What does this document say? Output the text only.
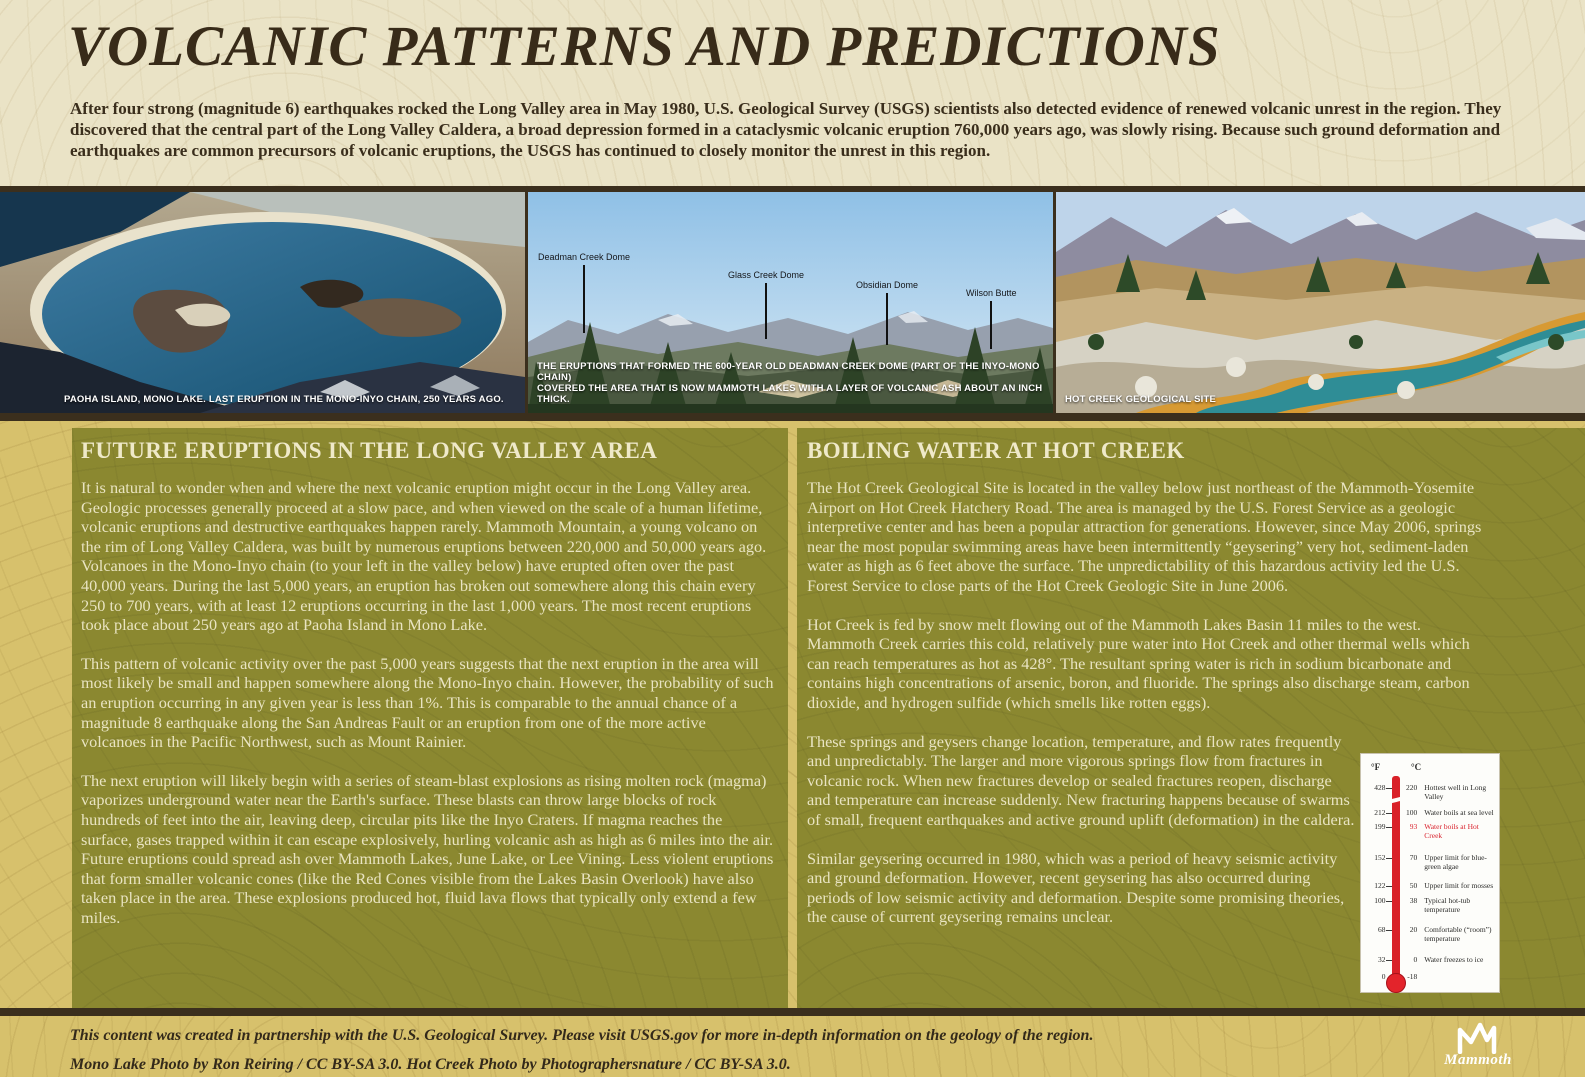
VOLCANIC PATTERNS AND PREDICTIONS

After four strong (magnitude 6) earthquakes rocked the Long Valley area in May 1980, U.S. Geological Survey (USGS) scientists also detected evidence of renewed volcanic unrest in the region. They discovered that the central part of the Long Valley Caldera, a broad depression formed in a cataclysmic volcanic eruption 760,000 years ago, was slowly rising. Because such ground deformation and earthquakes are common precursors of volcanic eruptions, the USGS has continued to closely monitor the unrest in this region.

PAOHA ISLAND, MONO LAKE. LAST ERUPTION IN THE MONO-INYO CHAIN, 250 YEARS AGO.
Deadman Creek Dome
Glass Creek Dome
Obsidian Dome
Wilson Butte
THE ERUPTIONS THAT FORMED THE 600-YEAR OLD DEADMAN CREEK DOME (PART OF THE INYO-MONO CHAIN)
COVERED THE AREA THAT IS NOW MAMMOTH LAKES WITH A LAYER OF VOLCANIC ASH ABOUT AN INCH THICK.	HOT CREEK GEOLOGICAL SITE
FUTURE ERUPTIONS IN THE LONG VALLEY AREA

It is natural to wonder when and where the next volcanic eruption might occur in the Long Valley area. Geologic processes generally proceed at a slow pace, and when viewed on the scale of a human lifetime, volcanic eruptions and destructive earthquakes happen rarely. Mammoth Mountain, a young volcano on the rim of Long Valley Caldera, was built by numerous eruptions between 220,000 and 50,000 years ago. Volcanoes in the Mono-Inyo chain (to your left in the valley below) have erupted often over the past 40,000 years. During the last 5,000 years, an eruption has broken out somewhere along this chain every 250 to 700 years, with at least 12 eruptions occurring in the last 1,000 years. The most recent eruptions took place about 250 years ago at Paoha Island in Mono Lake.

This pattern of volcanic activity over the past 5,000 years suggests that the next eruption in the area will most likely be small and happen somewhere along the Mono-Inyo chain. However, the probability of such an eruption occurring in any given year is less than 1%. This is comparable to the annual chance of a magnitude 8 earthquake along the San Andreas Fault or an eruption from one of the more active volcanoes in the Pacific Northwest, such as Mount Rainier.

The next eruption will likely begin with a series of steam-blast explosions as rising molten rock (magma) vaporizes underground water near the Earth's surface. These blasts can throw large blocks of rock hundreds of feet into the air, leaving deep, circular pits like the Inyo Craters. If magma reaches the surface, gases trapped within it can escape explosively, hurling volcanic ash as high as 6 miles into the air. Future eruptions could spread ash over Mammoth Lakes, June Lake, or Lee Vining. Less violent eruptions that form smaller volcanic cones (like the Red Cones visible from the Lakes Basin Overlook) have also taken place in the area. These explosions produced hot, fluid lava flows that typically only extend a few miles.

BOILING WATER AT HOT CREEK

The Hot Creek Geological Site is located in the valley below just northeast of the Mammoth-Yosemite Airport on Hot Creek Hatchery Road. The area is managed by the U.S. Forest Service as a geologic interpretive center and has been a popular attraction for generations. However, since May 2006, springs near the most popular swimming areas have been intermittently “geysering” very hot, sediment-laden water as high as 6 feet above the surface. The unpredictability of this hazardous activity led the U.S. Forest Service to close parts of the Hot Creek Geologic Site in June 2006.

Hot Creek is fed by snow melt flowing out of the Mammoth Lakes Basin 11 miles to the west. Mammoth Creek carries this cold, relatively pure water into Hot Creek and other thermal wells which can reach temperatures as hot as 428°. The resultant spring water is rich in sodium bicarbonate and contains high concentrations of arsenic, boron, and fluoride. The springs also discharge steam, carbon dioxide, and hydrogen sulfide (which smells like rotten eggs).

These springs and geysers change location, temperature, and flow rates frequently and unpredictably. The larger and more vigorous springs flow from fractures in volcanic rock. When new fractures develop or sealed fractures reopen, discharge and temperature can increase suddenly. New fracturing happens because of swarms of small, frequent earthquakes and active ground uplift (deformation) in the caldera.

Similar geysering occurred in 1980, which was a period of heavy seismic activity and ground deformation. However, recent geysering has also occurred during periods of low seismic activity and deformation. Despite some promising theories, the cause of current geysering remains unclear.

°F	°C
428	220 Hottest well in Long Valley
212	100 Water boils at sea level
199	93 Water boils at Hot Creek
152	70 Upper limit for blue-green algae
122	50 Upper limit for mosses
100	38 Typical hot-tub temperature
68	20 Comfortable (“room”) temperature
32	0 Water freezes to ice
0	-18

This content was created in partnership with the U.S. Geological Survey. Please visit USGS.gov for more in-depth information on the geology of the region.

Mono Lake Photo by Ron Reiring / CC BY-SA 3.0. Hot Creek Photo by Photographersnature / CC BY-SA 3.0.	Mammoth
